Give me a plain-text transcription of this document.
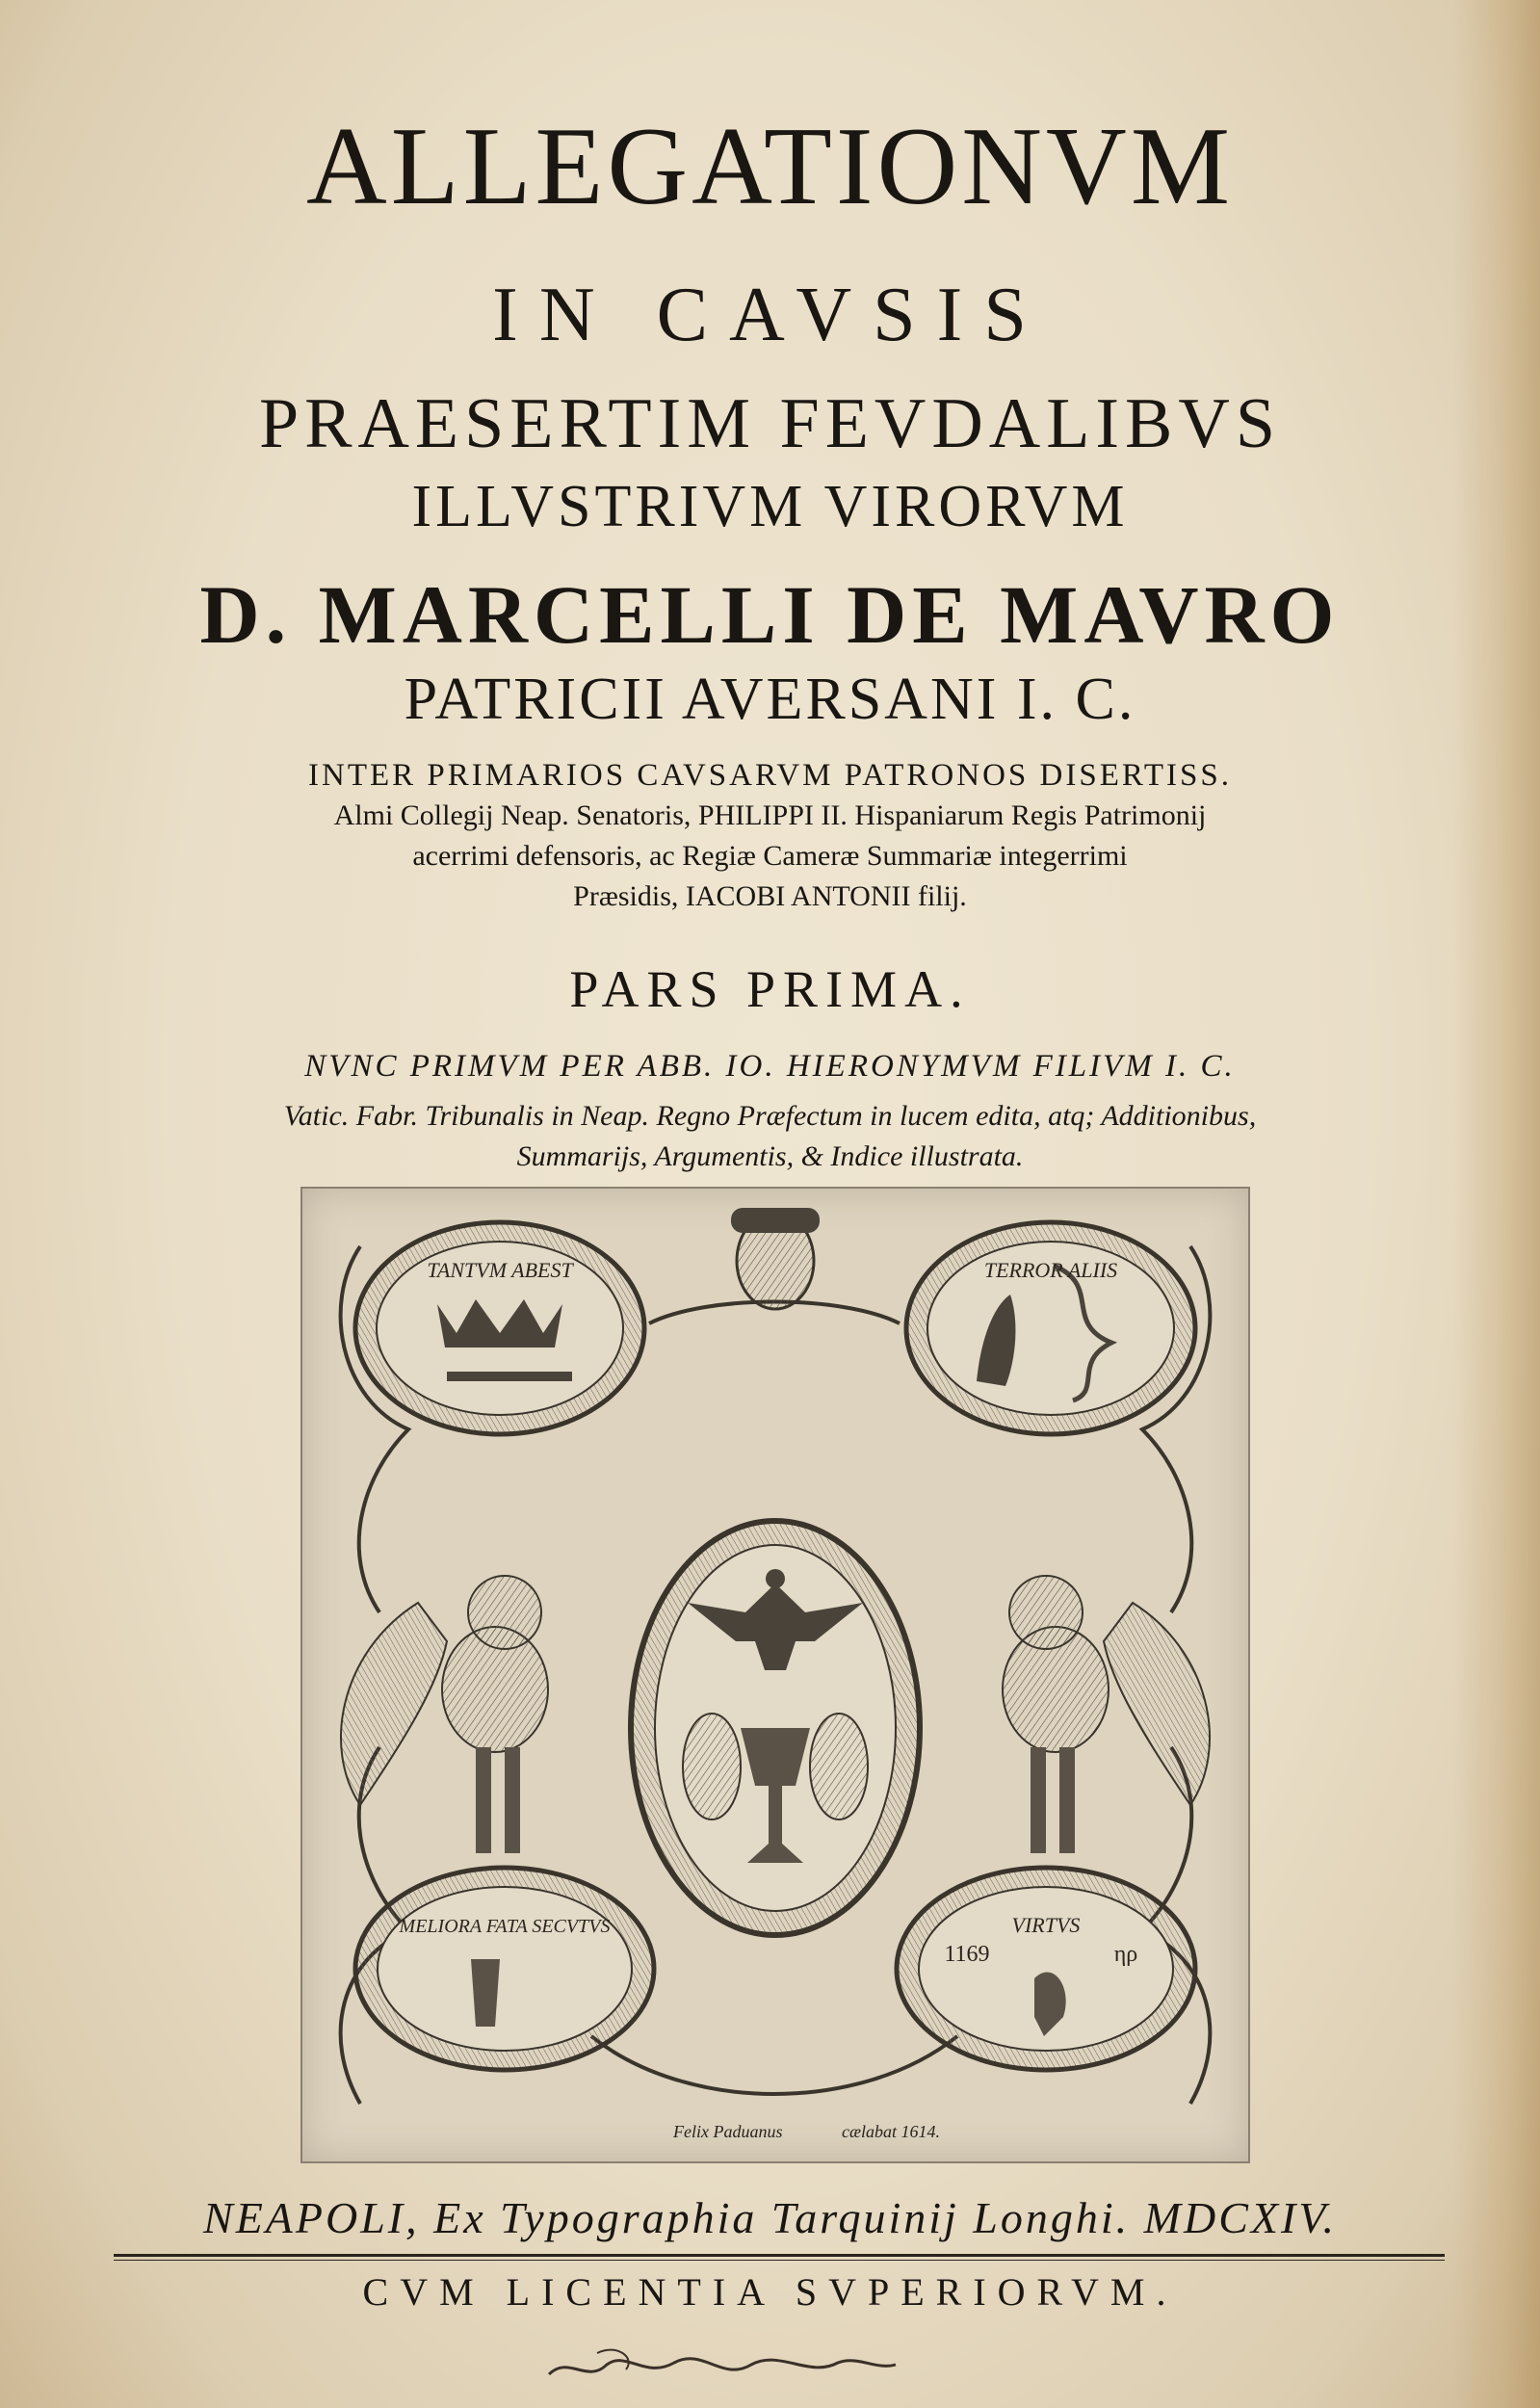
ALLEGATIONVM
IN CAVSIS
PRAESERTIM FEVDALIBVS
ILLVSTRIVM VIRORVM
D. MARCELLI DE MAVRO
PATRICII AVERSANI I. C.
INTER PRIMARIOS CAVSARVM PATRONOS DISERTISS.
Almi Collegij Neap. Senatoris, PHILIPPI II. Hispaniarum Regis Patrimonij
acerrimi defensoris, ac Regiæ Cameræ Summariæ integerrimi
Præsidis, IACOBI ANTONII filij.
PARS PRIMA.
NVNC PRIMVM PER ABB. IO. HIERONYMVM FILIVM I. C.
Vatic. Fabr. Tribunalis in Neap. Regno Præfectum in lucem edita, atq; Additionibus,
Summarijs, Argumentis, & Indice illustrata.
TANTVM ABEST	TERROR ALIIS
MELIORA FATA SECVTVS	VIRTVS
1169	ηρ
Felix Paduanus	cælabat 1614.
NEAPOLI, Ex Typographia Tarquinij Longhi. MDCXIV.
CVM LICENTIA SVPERIORVM.
